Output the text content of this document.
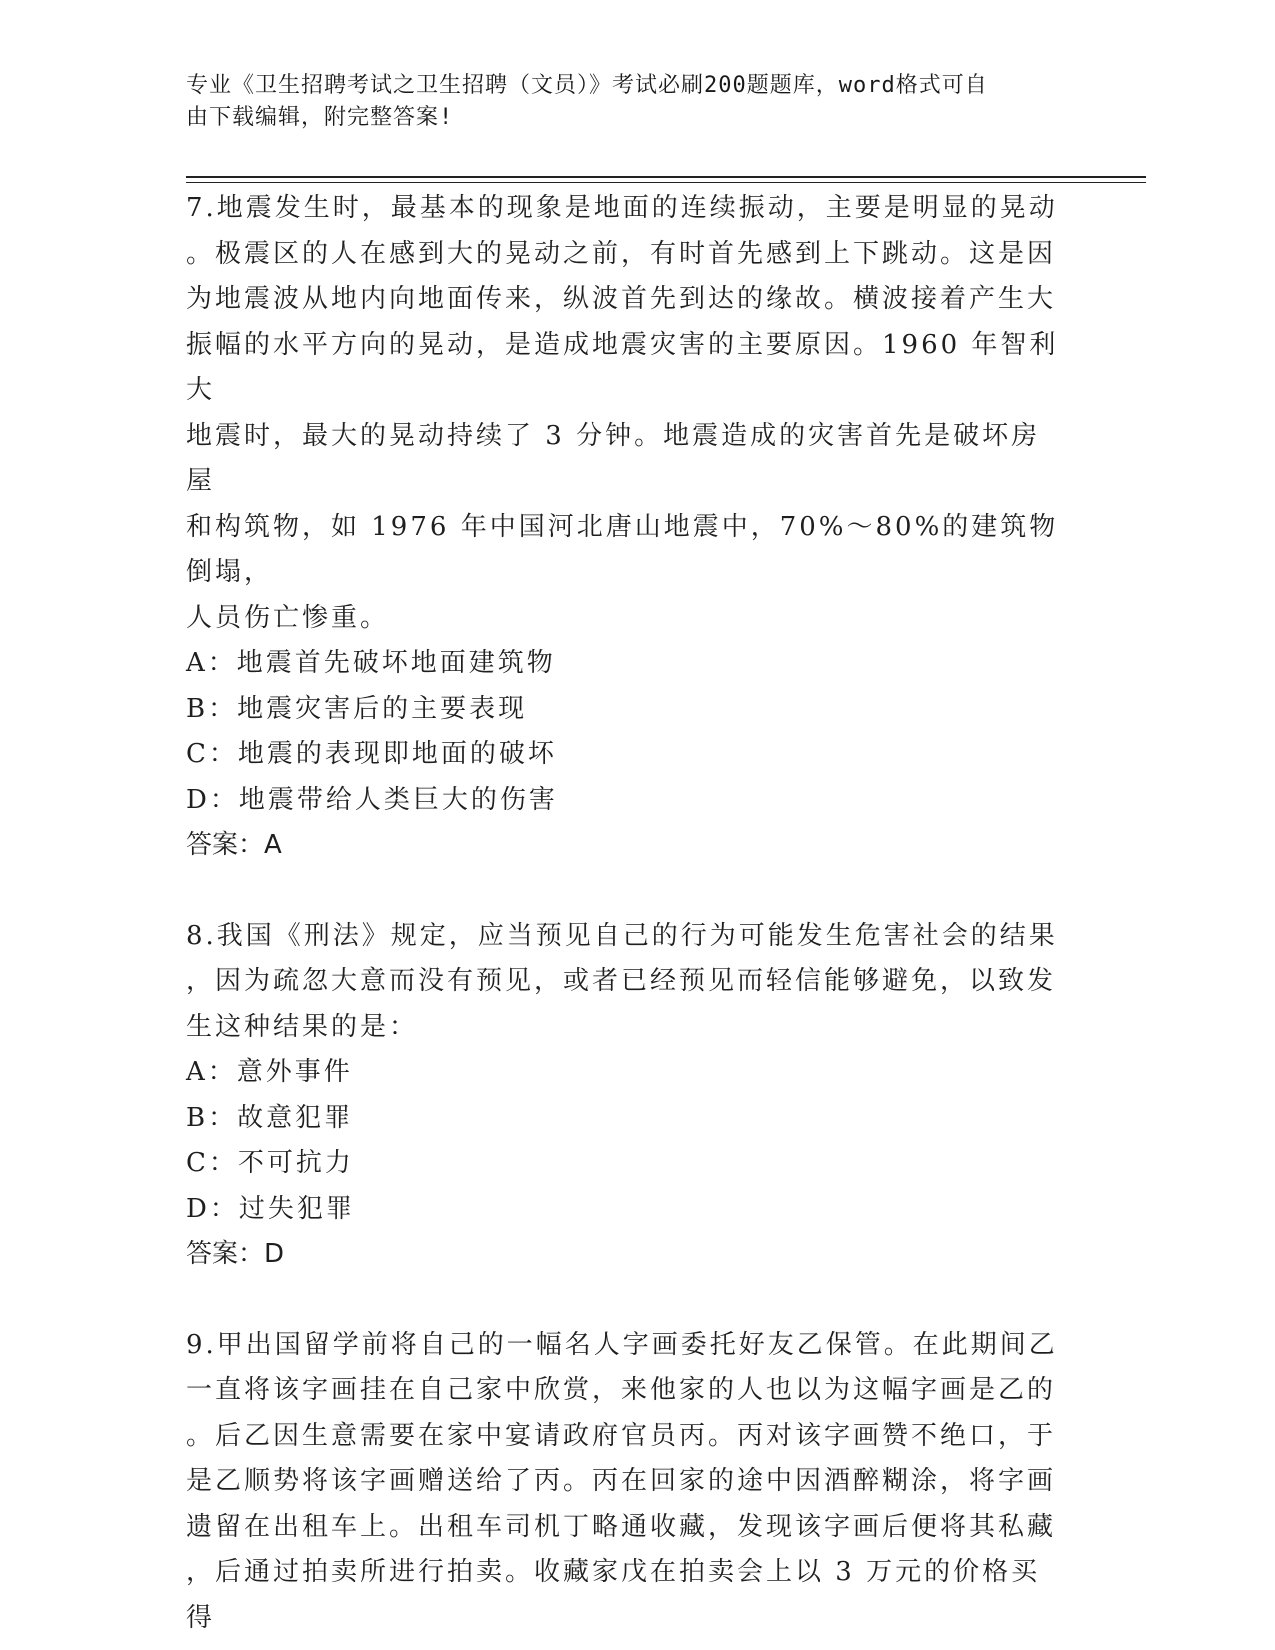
专业《卫生招聘考试之卫生招聘（文员）》考试必刷200题题库，word格式可自
由下载编辑，附完整答案!
7.地震发生时，最基本的现象是地面的连续振动，主要是明显的晃动
。极震区的人在感到大的晃动之前，有时首先感到上下跳动。这是因
为地震波从地内向地面传来，纵波首先到达的缘故。横波接着产生大
振幅的水平方向的晃动，是造成地震灾害的主要原因。1960 年智利大
地震时，最大的晃动持续了 3 分钟。地震造成的灾害首先是破坏房屋
和构筑物，如 1976 年中国河北唐山地震中，70%～80%的建筑物倒塌，
人员伤亡惨重。
A：地震首先破坏地面建筑物
B：地震灾害后的主要表现
C：地震的表现即地面的破坏
D：地震带给人类巨大的伤害
答案：A
8.我国《刑法》规定，应当预见自己的行为可能发生危害社会的结果
，因为疏忽大意而没有预见，或者已经预见而轻信能够避免，以致发
生这种结果的是：
A：意外事件
B：故意犯罪
C：不可抗力
D：过失犯罪
答案：D
9.甲出国留学前将自己的一幅名人字画委托好友乙保管。在此期间乙
一直将该字画挂在自己家中欣赏，来他家的人也以为这幅字画是乙的
。后乙因生意需要在家中宴请政府官员丙。丙对该字画赞不绝口，于
是乙顺势将该字画赠送给了丙。丙在回家的途中因酒醉糊涂，将字画
遗留在出租车上。出租车司机丁略通收藏，发现该字画后便将其私藏
，后通过拍卖所进行拍卖。收藏家戊在拍卖会上以 3 万元的价格买得
